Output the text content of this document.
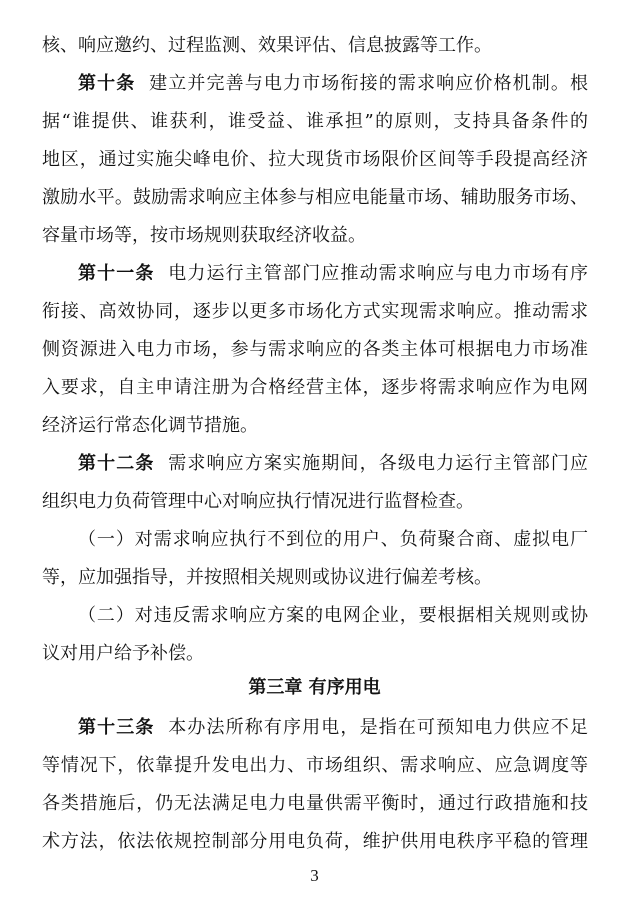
核、响应邀约、过程监测、效果评估、信息披露等工作。
第十条 建立并完善与电力市场衔接的需求响应价格机制。根
据“谁提供、谁获利，谁受益、谁承担”的原则，支持具备条件的
地区，通过实施尖峰电价、拉大现货市场限价区间等手段提高经济
激励水平。鼓励需求响应主体参与相应电能量市场、辅助服务市场、
容量市场等，按市场规则获取经济收益。
第十一条 电力运行主管部门应推动需求响应与电力市场有序
衔接、高效协同，逐步以更多市场化方式实现需求响应。推动需求
侧资源进入电力市场，参与需求响应的各类主体可根据电力市场准
入要求，自主申请注册为合格经营主体，逐步将需求响应作为电网
经济运行常态化调节措施。
第十二条 需求响应方案实施期间，各级电力运行主管部门应
组织电力负荷管理中心对响应执行情况进行监督检查。
（一）对需求响应执行不到位的用户、负荷聚合商、虚拟电厂
等，应加强指导，并按照相关规则或协议进行偏差考核。
（二）对违反需求响应方案的电网企业，要根据相关规则或协
议对用户给予补偿。
第三章 有序用电
第十三条 本办法所称有序用电，是指在可预知电力供应不足
等情况下，依靠提升发电出力、市场组织、需求响应、应急调度等
各类措施后，仍无法满足电力电量供需平衡时，通过行政措施和技
术方法，依法依规控制部分用电负荷，维护供用电秩序平稳的管理
3
